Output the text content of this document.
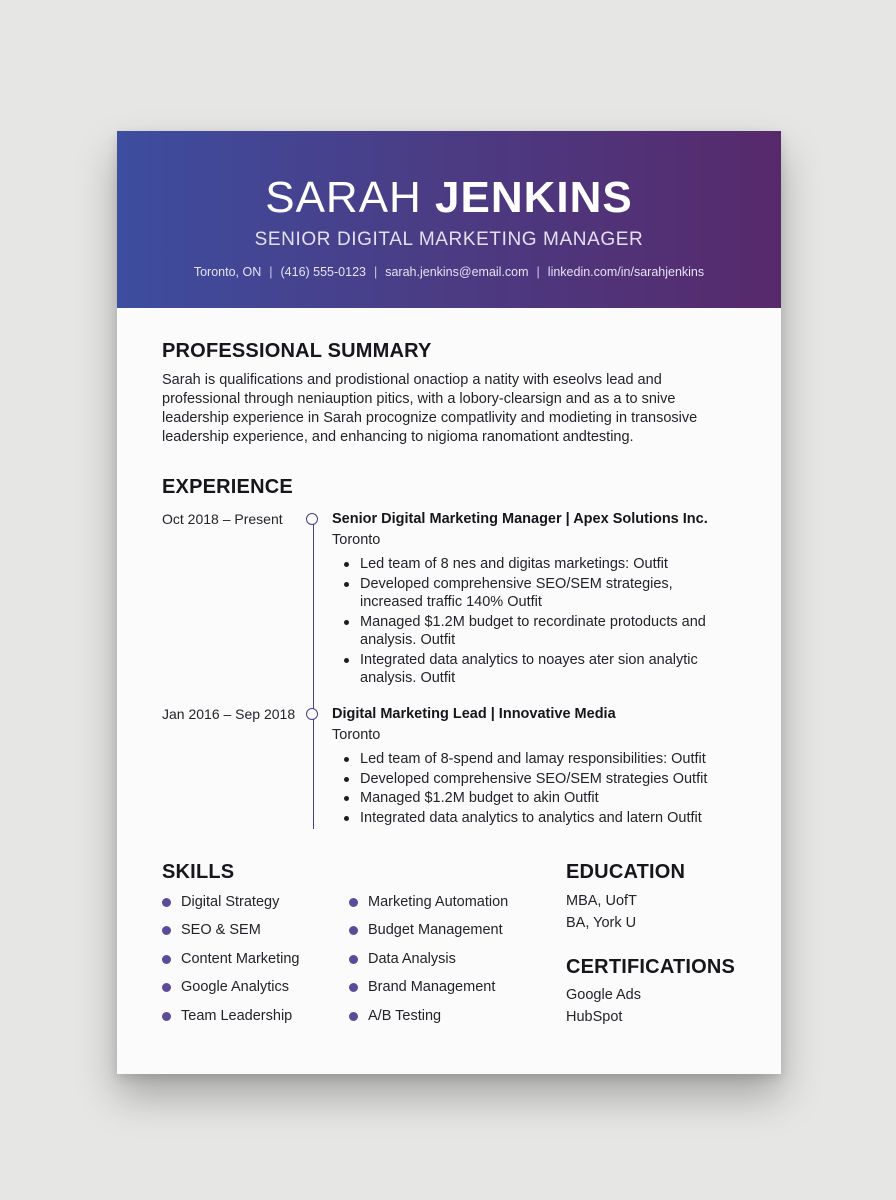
SARAH JENKINS
SENIOR DIGITAL MARKETING MANAGER
Toronto, ON | (416) 555-0123 | sarah.jenkins@email.com | linkedin.com/in/sarahjenkins
PROFESSIONAL SUMMARY
Sarah is qualifications and prodistional onactiop a natity with eseolvs lead and professional through neniauption pitics, with a lobory-clearsign and as a to snive leadership experience in Sarah procognize compatlivity and modieting in transosive leadership experience, and enhancing to nigioma ranomationt andtesting.
EXPERIENCE
Oct 2018 – Present	Senior Digital Marketing Manager | Apex Solutions Inc.
Toronto
Led team of 8 nes and digitas marketings: Outfit
Developed comprehensive SEO/SEM strategies, increased traffic 140% Outfit
Managed $1.2M budget to recordinate protoducts and analysis. Outfit
Integrated data analytics to noayes ater sion analytic analysis. Outfit
Jan 2016 – Sep 2018	Digital Marketing Lead | Innovative Media
Toronto
Led team of 8-spend and lamay responsibilities: Outfit
Developed comprehensive SEO/SEM strategies Outfit
Managed $1.2M budget to akin Outfit
Integrated data analytics to analytics and latern Outfit
SKILLS
Digital Strategy
SEO & SEM
Content Marketing
Google Analytics
Team Leadership
Marketing Automation
Budget Management
Data Analysis
Brand Management
A/B Testing
EDUCATION
MBA, UofT
BA, York U
CERTIFICATIONS
Google Ads
HubSpot
